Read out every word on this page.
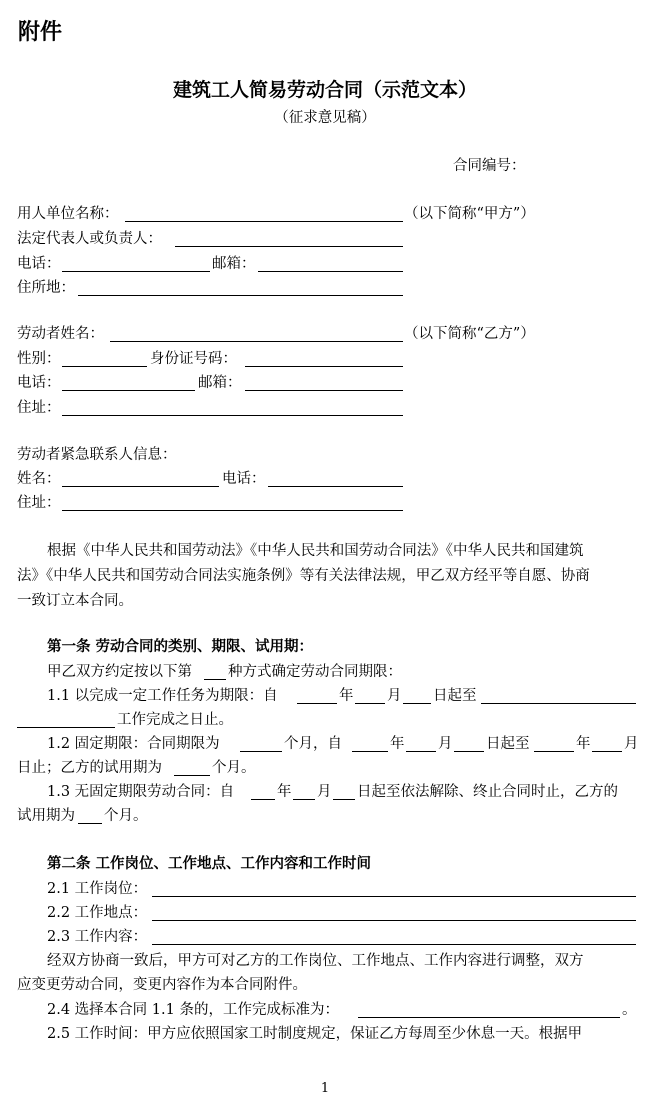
附件
建筑工人简易劳动合同（示范文本）
（征求意见稿）
合同编号：
用人单位名称：	（以下简称“甲方”）
法定代表人或负责人：
电话：	邮箱：
住所地：
劳动者姓名：	（以下简称“乙方”）
性别：	身份证号码：
电话：	邮箱：
住址：
劳动者紧急联系人信息：
姓名：	电话：
住址：
根据《中华人民共和国劳动法》《中华人民共和国劳动合同法》《中华人民共和国建筑
法》《中华人民共和国劳动合同法实施条例》等有关法律法规，甲乙双方经平等自愿、协商
一致订立本合同。
第一条 劳动合同的类别、期限、试用期：
甲乙双方约定按以下第 种方式确定劳动合同期限：
1.1 以完成一定工作任务为期限：自	年 月 日起至
工作完成之日止。
1.2 固定期限：合同期限为	个月，自	年 月 日起至	年 月
日止；乙方的试用期为	个月。
1.3 无固定期限劳动合同：自	年 月 日起至依法解除、终止合同时止，乙方的
试用期为 个月。
第二条 工作岗位、工作地点、工作内容和工作时间
2.1 工作岗位：
2.2 工作地点：
2.3 工作内容：
经双方协商一致后，甲方可对乙方的工作岗位、工作地点、工作内容进行调整，双方
应变更劳动合同，变更内容作为本合同附件。
2.4 选择本合同 1.1 条的，工作完成标准为：	。
2.5 工作时间：甲方应依照国家工时制度规定，保证乙方每周至少休息一天。根据甲
1
